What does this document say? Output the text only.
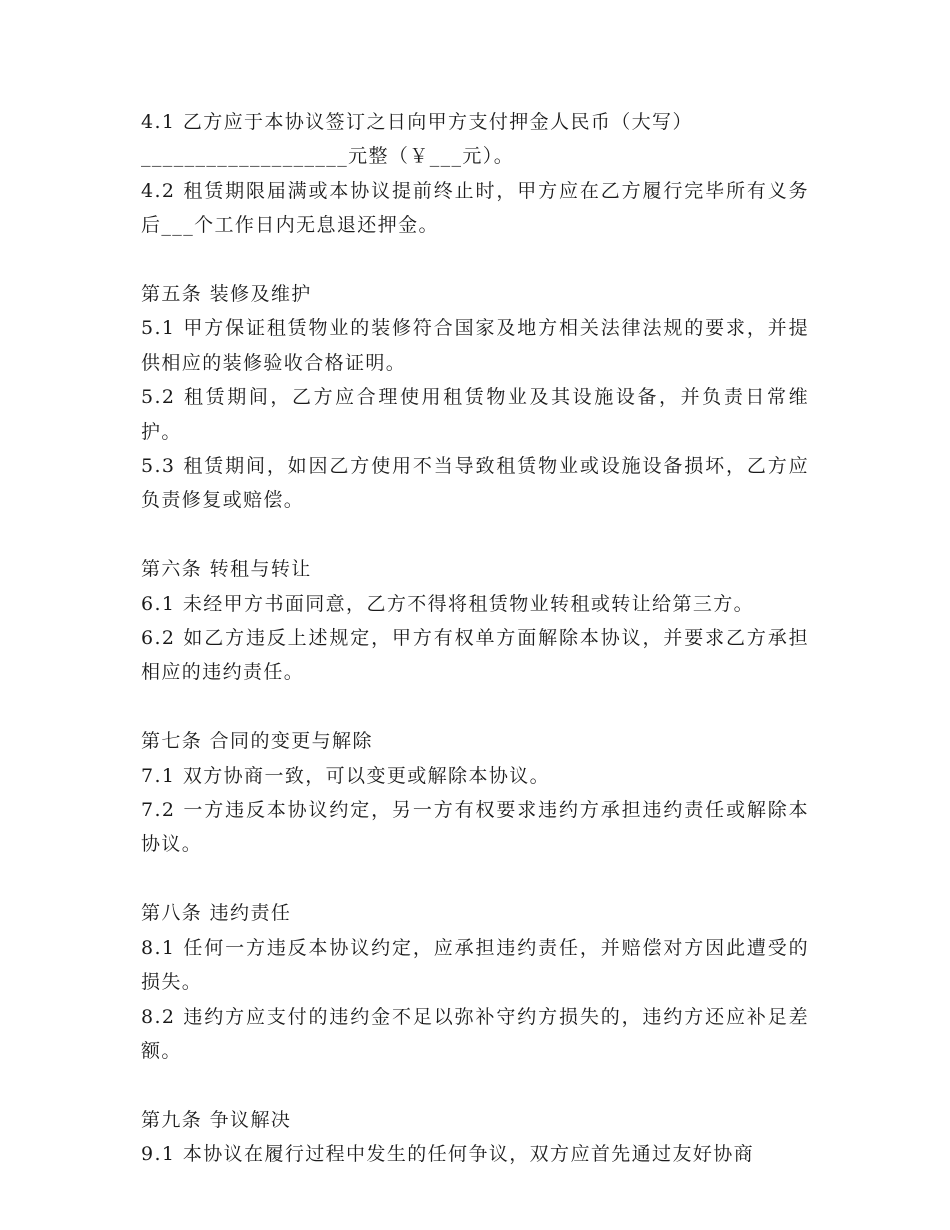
4.1 乙方应于本协议签订之日向甲方支付押金人民币（大写）
___________________元整（￥___元）。
4.2 租赁期限届满或本协议提前终止时，甲方应在乙方履行完毕所有义务后___个工作日内无息退还押金。
第五条 装修及维护
5.1 甲方保证租赁物业的装修符合国家及地方相关法律法规的要求，并提供相应的装修验收合格证明。
5.2 租赁期间，乙方应合理使用租赁物业及其设施设备，并负责日常维护。
5.3 租赁期间，如因乙方使用不当导致租赁物业或设施设备损坏，乙方应负责修复或赔偿。
第六条 转租与转让
6.1 未经甲方书面同意，乙方不得将租赁物业转租或转让给第三方。
6.2 如乙方违反上述规定，甲方有权单方面解除本协议，并要求乙方承担相应的违约责任。
第七条 合同的变更与解除
7.1 双方协商一致，可以变更或解除本协议。
7.2 一方违反本协议约定，另一方有权要求违约方承担违约责任或解除本协议。
第八条 违约责任
8.1 任何一方违反本协议约定，应承担违约责任，并赔偿对方因此遭受的损失。
8.2 违约方应支付的违约金不足以弥补守约方损失的，违约方还应补足差额。
第九条 争议解决
9.1 本协议在履行过程中发生的任何争议，双方应首先通过友好协商
